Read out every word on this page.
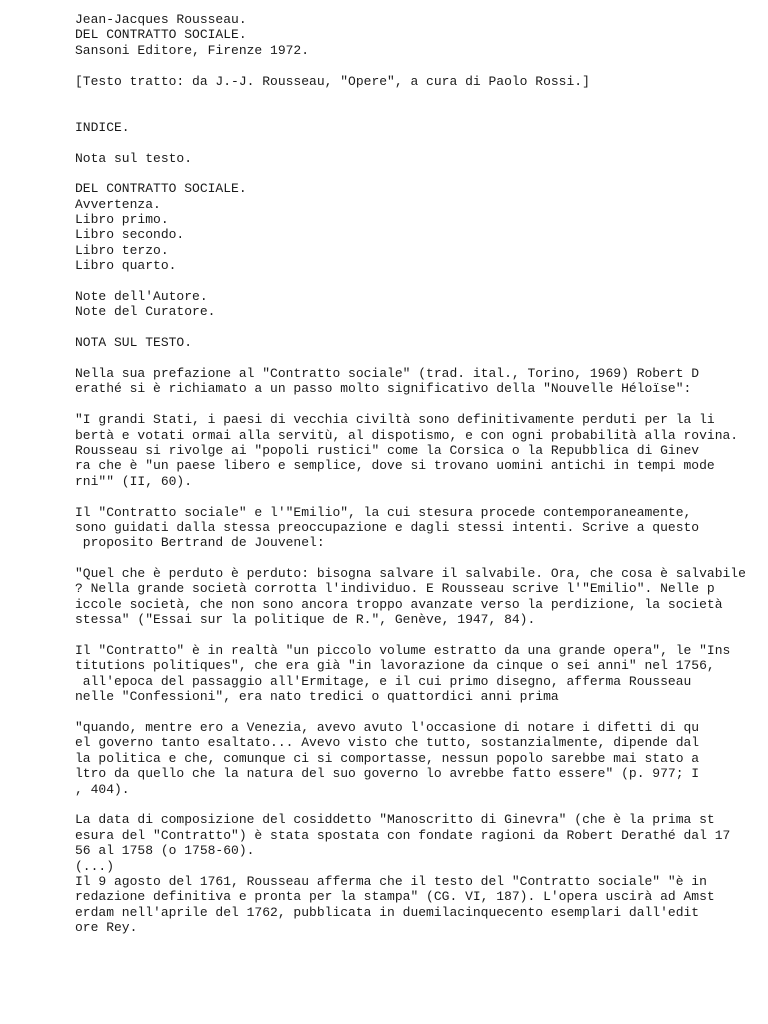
Jean-Jacques Rousseau.
DEL CONTRATTO SOCIALE.
Sansoni Editore, Firenze 1972.
[Testo tratto: da J.-J. Rousseau, "Opere", a cura di Paolo Rossi.]
INDICE.
Nota sul testo.
DEL CONTRATTO SOCIALE.
Avvertenza.
Libro primo.
Libro secondo.
Libro terzo.
Libro quarto.
Note dell'Autore.
Note del Curatore.
NOTA SUL TESTO.
Nella sua prefazione al "Contratto sociale" (trad. ital., Torino, 1969) Robert D
erathé si è richiamato a un passo molto significativo della "Nouvelle Héloïse":
"I grandi Stati, i paesi di vecchia civiltà sono definitivamente perduti per la li
bertà e votati ormai alla servitù, al dispotismo, e con ogni probabilità alla rovina.
Rousseau si rivolge ai "popoli rustici" come la Corsica o la Repubblica di Ginev
ra che è "un paese libero e semplice, dove si trovano uomini antichi in tempi mode
rni"" (II, 60).
Il "Contratto sociale" e l'"Emilio", la cui stesura procede contemporaneamente,
sono guidati dalla stessa preoccupazione e dagli stessi intenti. Scrive a questo
proposito Bertrand de Jouvenel:
"Quel che è perduto è perduto: bisogna salvare il salvabile. Ora, che cosa è salvabile
? Nella grande società corrotta l'individuo. E Rousseau scrive l'"Emilio". Nelle p
iccole società, che non sono ancora troppo avanzate verso la perdizione, la società
stessa" ("Essai sur la politique de R.", Genève, 1947, 84).
Il "Contratto" è in realtà "un piccolo volume estratto da una grande opera", le "Ins
titutions politiques", che era già "in lavorazione da cinque o sei anni" nel 1756,
all'epoca del passaggio all'Ermitage, e il cui primo disegno, afferma Rousseau
nelle "Confessioni", era nato tredici o quattordici anni prima
"quando, mentre ero a Venezia, avevo avuto l'occasione di notare i difetti di qu
el governo tanto esaltato... Avevo visto che tutto, sostanzialmente, dipende dal
la politica e che, comunque ci si comportasse, nessun popolo sarebbe mai stato a
ltro da quello che la natura del suo governo lo avrebbe fatto essere" (p. 977; I
, 404).
La data di composizione del cosiddetto "Manoscritto di Ginevra" (che è la prima st
esura del "Contratto") è stata spostata con fondate ragioni da Robert Derathé dal 17
56 al 1758 (o 1758-60).
(...)
Il 9 agosto del 1761, Rousseau afferma che il testo del "Contratto sociale" "è in
redazione definitiva e pronta per la stampa" (CG. VI, 187). L'opera uscirà ad Amst
erdam nell'aprile del 1762, pubblicata in duemilacinquecento esemplari dall'edit
ore Rey.
